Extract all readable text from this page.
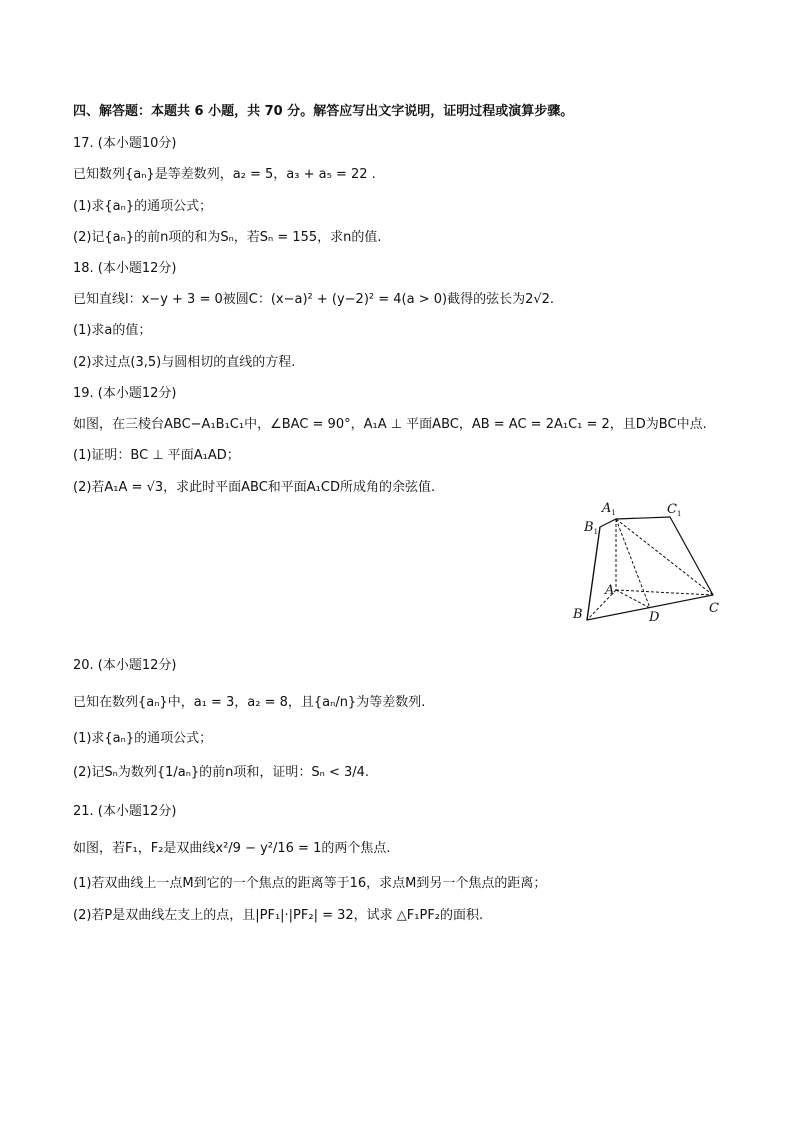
四、解答题：本题共 6 小题，共 70 分。解答应写出文字说明，证明过程或演算步骤。
17. (本小题10分)
已知数列{aₙ}是等差数列，a₂ = 5，a₃ + a₅ = 22 .
(1)求{aₙ}的通项公式；
(2)记{aₙ}的前n项的和为Sₙ，若Sₙ = 155，求n的值.
18. (本小题12分)
已知直线l：x−y + 3 = 0被圆C：(x−a)² + (y−2)² = 4(a > 0)截得的弦长为2√2.
(1)求a的值；
(2)求过点(3,5)与圆相切的直线的方程.
19. (本小题12分)
如图，在三棱台ABC−A₁B₁C₁中，∠BAC = 90°，A₁A ⊥ 平面ABC，AB = AC = 2A₁C₁ = 2，且D为BC中点.
(1)证明：BC ⊥ 平面A₁AD；
(2)若A₁A = √3，求此时平面ABC和平面A₁CD所成角的余弦值.
$A_1$	$C_1$
$B_1$
A
B	C
D
20. (本小题12分)
已知在数列{aₙ}中，a₁ = 3，a₂ = 8，且{aₙ/n}为等差数列.
(1)求{aₙ}的通项公式；
(2)记Sₙ为数列{1/aₙ}的前n项和，证明：Sₙ < 3/4.
21. (本小题12分)
如图，若F₁，F₂是双曲线x²/9 − y²/16 = 1的两个焦点.
(1)若双曲线上一点M到它的一个焦点的距离等于16，求点M到另一个焦点的距离；
(2)若P是双曲线左支上的点，且|PF₁|·|PF₂| = 32，试求 △F₁PF₂的面积.
